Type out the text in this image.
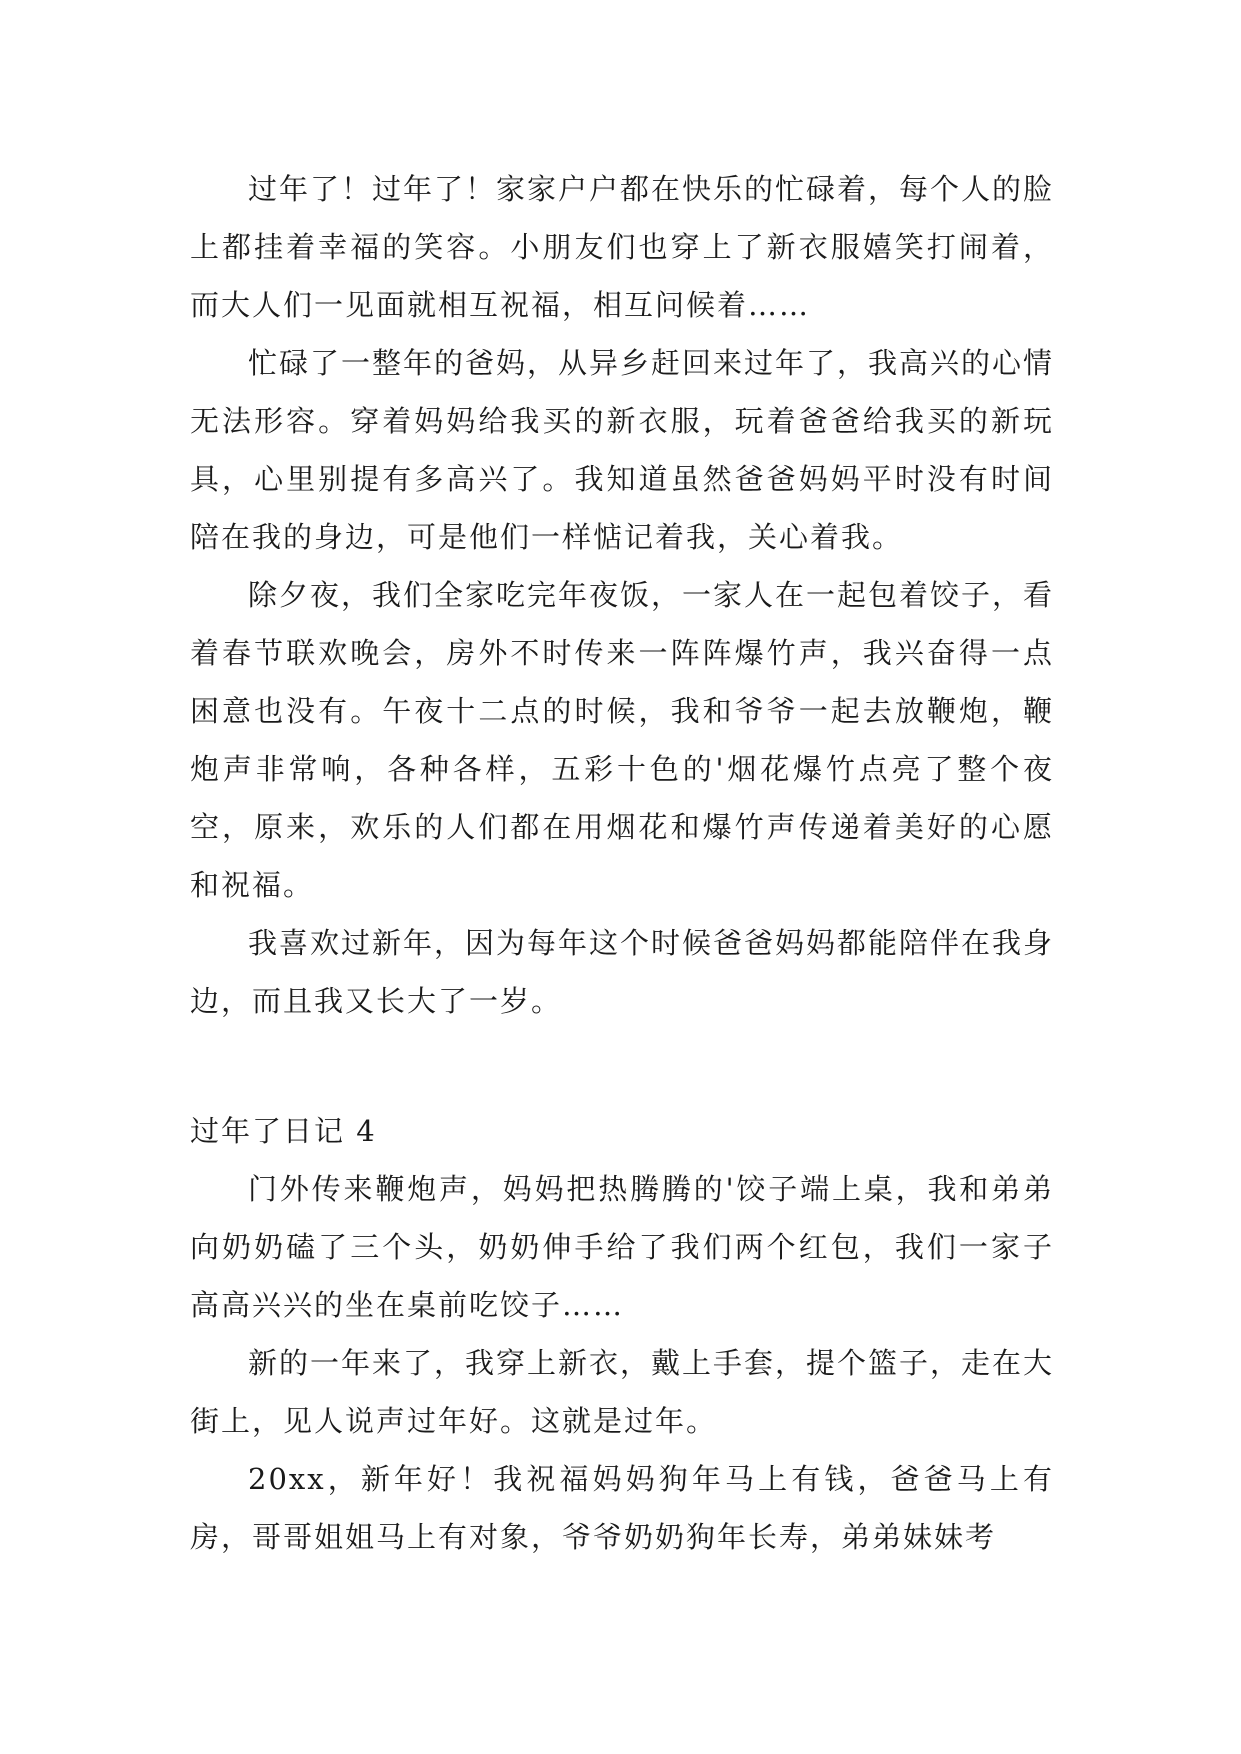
过年了！过年了！家家户户都在快乐的忙碌着，每个人的脸上都挂着幸福的笑容。小朋友们也穿上了新衣服嬉笑打闹着，而大人们一见面就相互祝福，相互问候着……

忙碌了一整年的爸妈，从异乡赶回来过年了，我高兴的心情无法形容。穿着妈妈给我买的新衣服，玩着爸爸给我买的新玩具，心里别提有多高兴了。我知道虽然爸爸妈妈平时没有时间陪在我的身边，可是他们一样惦记着我，关心着我。

除夕夜，我们全家吃完年夜饭，一家人在一起包着饺子，看着春节联欢晚会，房外不时传来一阵阵爆竹声，我兴奋得一点困意也没有。午夜十二点的时候，我和爷爷一起去放鞭炮，鞭炮声非常响，各种各样，五彩十色的'烟花爆竹点亮了整个夜空，原来，欢乐的人们都在用烟花和爆竹声传递着美好的心愿和祝福。

我喜欢过新年，因为每年这个时候爸爸妈妈都能陪伴在我身边，而且我又长大了一岁。

过年了日记 4

门外传来鞭炮声，妈妈把热腾腾的'饺子端上桌，我和弟弟向奶奶磕了三个头，奶奶伸手给了我们两个红包，我们一家子高高兴兴的坐在桌前吃饺子……

新的一年来了，我穿上新衣，戴上手套，提个篮子，走在大街上，见人说声过年好。这就是过年。

20xx，新年好！我祝福妈妈狗年马上有钱，爸爸马上有房，哥哥姐姐马上有对象，爷爷奶奶狗年长寿，弟弟妹妹考
